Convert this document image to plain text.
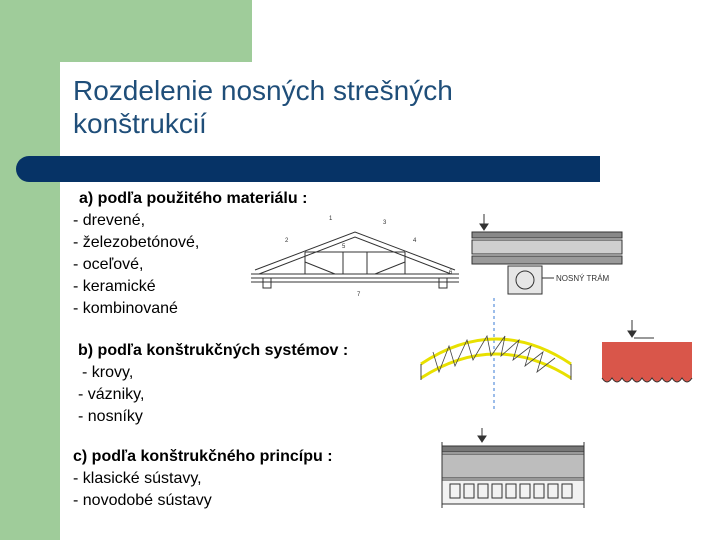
Rozdelenie nosných strešných
konštrukcií
a) podľa použitého materiálu :
- drevené,
- železobetónové,
- oceľové,
- keramické
- kombinované
b) podľa konštrukčných systémov :
- krovy,
- vázniky,
- nosníky
c) podľa konštrukčného princípu :
- klasické sústavy,
- novodobé sústavy
1
2
3
4
5
6
7
NOSNÝ TRÁM
